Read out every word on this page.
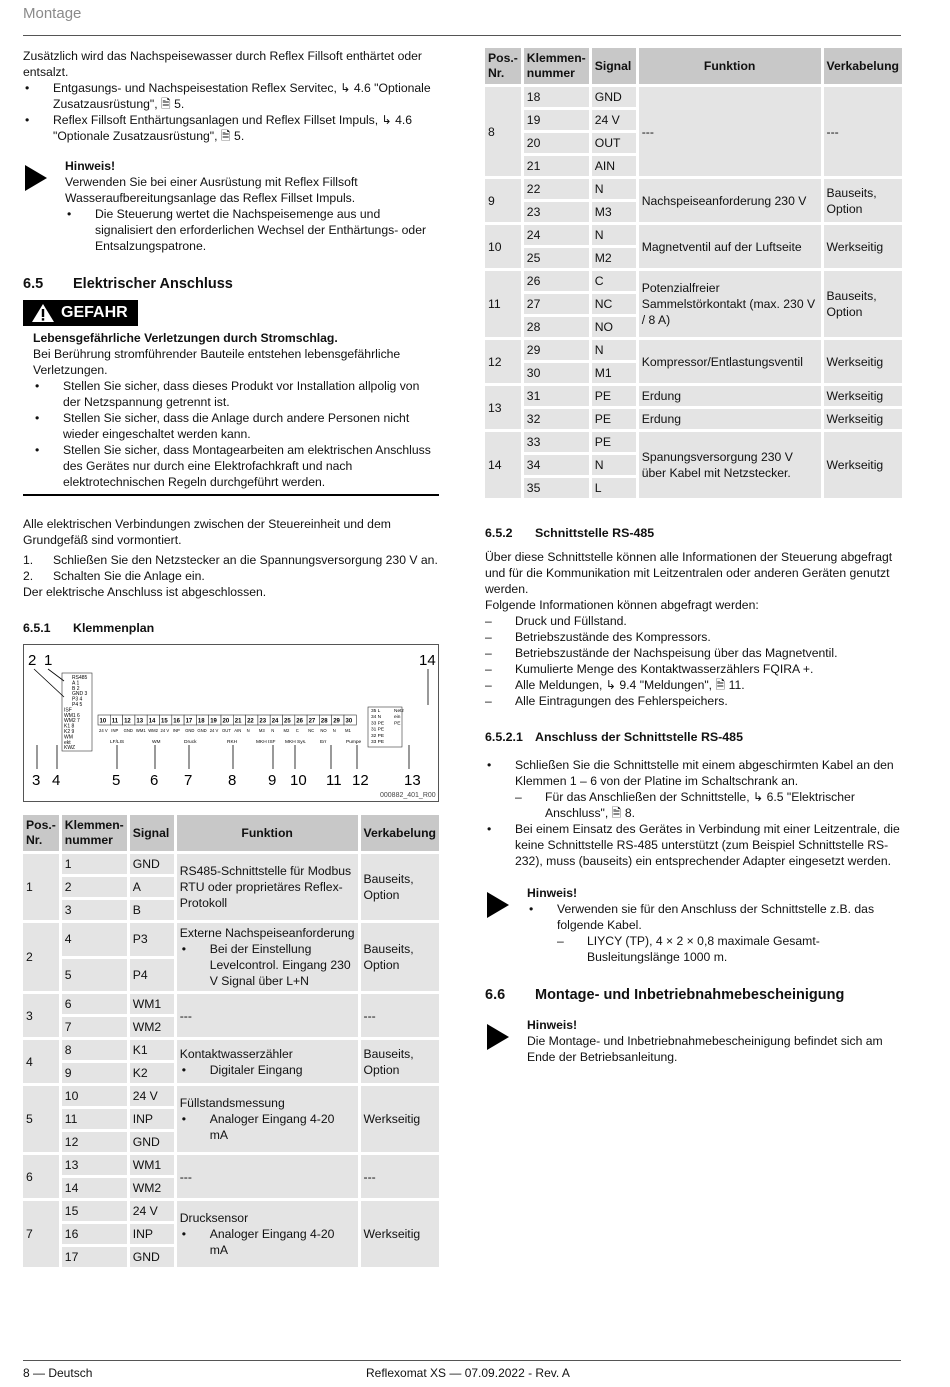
Montage

Zusätzlich wird das Nachspeisewasser durch Reflex Fillsoft enthärtet oder entsalzt.

• Entgasungs- und Nachspeisestation Reflex Servitec, ↳ 4.6 "Optionale Zusatzausrüstung", 🗎 5.
• Reflex Fillsoft Enthärtungsanlagen und Reflex Fillset Impuls, ↳ 4.6 "Optionale Zusatzausrüstung", 🗎 5.
Hinweis!
Verwenden Sie bei einer Ausrüstung mit Reflex Fillsoft Wasseraufbereitungsanlage das Reflex Fillset Impuls.
• Die Steuerung wertet die Nachspeisemenge aus und signalisiert den erforderlichen Wechsel der Enthärtungs- oder Entsalzungspatrone.
6.5	Elektrischer Anschluss
GEFAHR
Lebensgefährliche Verletzungen durch Stromschlag.
Bei Berührung stromführender Bauteile entstehen lebensgefährliche Verletzungen.
• Stellen Sie sicher, dass dieses Produkt vor Installation allpolig von der Netzspannung getrennt ist.
• Stellen Sie sicher, dass die Anlage durch andere Personen nicht wieder eingeschaltet werden kann.
• Stellen Sie sicher, dass Montagearbeiten am elektrischen Anschluss des Gerätes nur durch eine Elektrofachkraft und nach elektrotechnischen Regeln durchgeführt werden.

Alle elektrischen Verbindungen zwischen der Steuereinheit und dem Grundgefäß sind vormontiert.

1. Schließen Sie den Netzstecker an die Spannungsversorgung 230 V an.
2. Schalten Sie die Anlage ein.

Der elektrische Anschluss ist abgeschlossen.

6.5.1	Klemmenplan
2 1	14
RS485
A 1
B 2
GND 3
P3 4
P4 5
ISF
WM1 6
WM2 7
K1 8
K2 9
WM
ekt
KWZ
10
24 V
11
INP
12
GND
13
WM1
14
WM2
15
24 V
16
INP
17
GND
18
GND
19
24 V
20
OUT
21
AIN
22
N
23
M3
24
N
25
M2
26
C
27
NC
28
NO
29
N
30
M1
LF/LIS	WM	Druck	RKH	MKH ISF MKH Sys.	Err	Pumpe
35 L
34 N
33 PE
31 PE
32 PE
33 PE
Netz
ein
PE
3 4	5 6 7 8 9 10 11 12 13
000882_401_R00
Pos.-Nr.	Klemmen-nummer	Signal	Funktion	Verkabelung
1	1	GND	RS485-Schnittstelle für Modbus RTU oder proprietäres Reflex-Protokoll	Bauseits, Option
	2	A		
	3	B		
2	4	P3	Externe Nachspeiseanforderung
• Bei der Einstellung Levelcontrol. Eingang 230 V Signal über L+N	Bauseits, Option
	5	P4		
3	6	WM1	---	---
	7	WM2		
4	8	K1	Kontaktwasserzähler
• Digitaler Eingang	Bauseits, Option
	9	K2		
5	10	24 V	Füllstandsmessung
• Analoger Eingang 4-20 mA	Werkseitig
	11	INP		
	12	GND		
6	13	WM1	---	---
	14	WM2		
7	15	24 V	Drucksensor
• Analoger Eingang 4-20 mA	Werkseitig
	16	INP		
	17	GND		
Pos.-Nr.	Klemmen-nummer	Signal	Funktion	Verkabelung
8	18	GND	---	---
	19	24 V		
	20	OUT		
	21	AIN		
9	22	N	Nachspeiseanforderung 230 V	Bauseits, Option
	23	M3		
10	24	N	Magnetventil auf der Luftseite	Werkseitig
	25	M2		
11	26	C	Potenzialfreier Sammelstörkontakt (max. 230 V / 8 A)	Bauseits, Option
	27	NC		
	28	NO		
12	29	N	Kompressor/Entlastungsventil	Werkseitig
	30	M1		
13	31	PE	Erdung	Werkseitig
	32	PE	Erdung	Werkseitig
14	33	PE	Spanungsversorgung 230 V über Kabel mit Netzstecker.	Werkseitig
	34	N		
	35	L		
6.5.2	Schnittstelle RS-485

Über diese Schnittstelle können alle Informationen der Steuerung abgefragt und für die Kommunikation mit Leitzentralen oder anderen Geräten genutzt werden.

Folgende Informationen können abgefragt werden:

– Druck und Füllstand.
– Betriebszustände des Kompressors.
– Betriebszustände der Nachspeisung über das Magnetventil.
– Kumulierte Menge des Kontaktwasserzählers FQIRA +.
– Alle Meldungen, ↳ 9.4 "Meldungen", 🗎 11.
– Alle Eintragungen des Fehlerspeichers.
6.5.2.1 Anschluss der Schnittstelle RS-485
• Schließen Sie die Schnittstelle mit einem abgeschirmten Kabel an den Klemmen 1 – 6 von der Platine im Schaltschrank an.
– Für das Anschließen der Schnittstelle, ↳ 6.5 "Elektrischer Anschluss", 🗎 8.
• Bei einem Einsatz des Gerätes in Verbindung mit einer Leitzentrale, die keine Schnittstelle RS-485 unterstützt (zum Beispiel Schnittstelle RS-232), muss (bauseits) ein entsprechender Adapter eingesetzt werden.
Hinweis!
• Verwenden sie für den Anschluss der Schnittstelle z.B. das folgende Kabel.
– LIYCY (TP), 4 × 2 × 0,8 maximale Gesamt-Busleitungslänge 1000 m.
6.6	Montage- und Inbetriebnahmebescheinigung
Hinweis!
Die Montage- und Inbetriebnahmebescheinigung befindet sich am Ende der Betriebsanleitung.
8 — Deutsch	Reflexomat XS — 07.09.2022 - Rev. A
